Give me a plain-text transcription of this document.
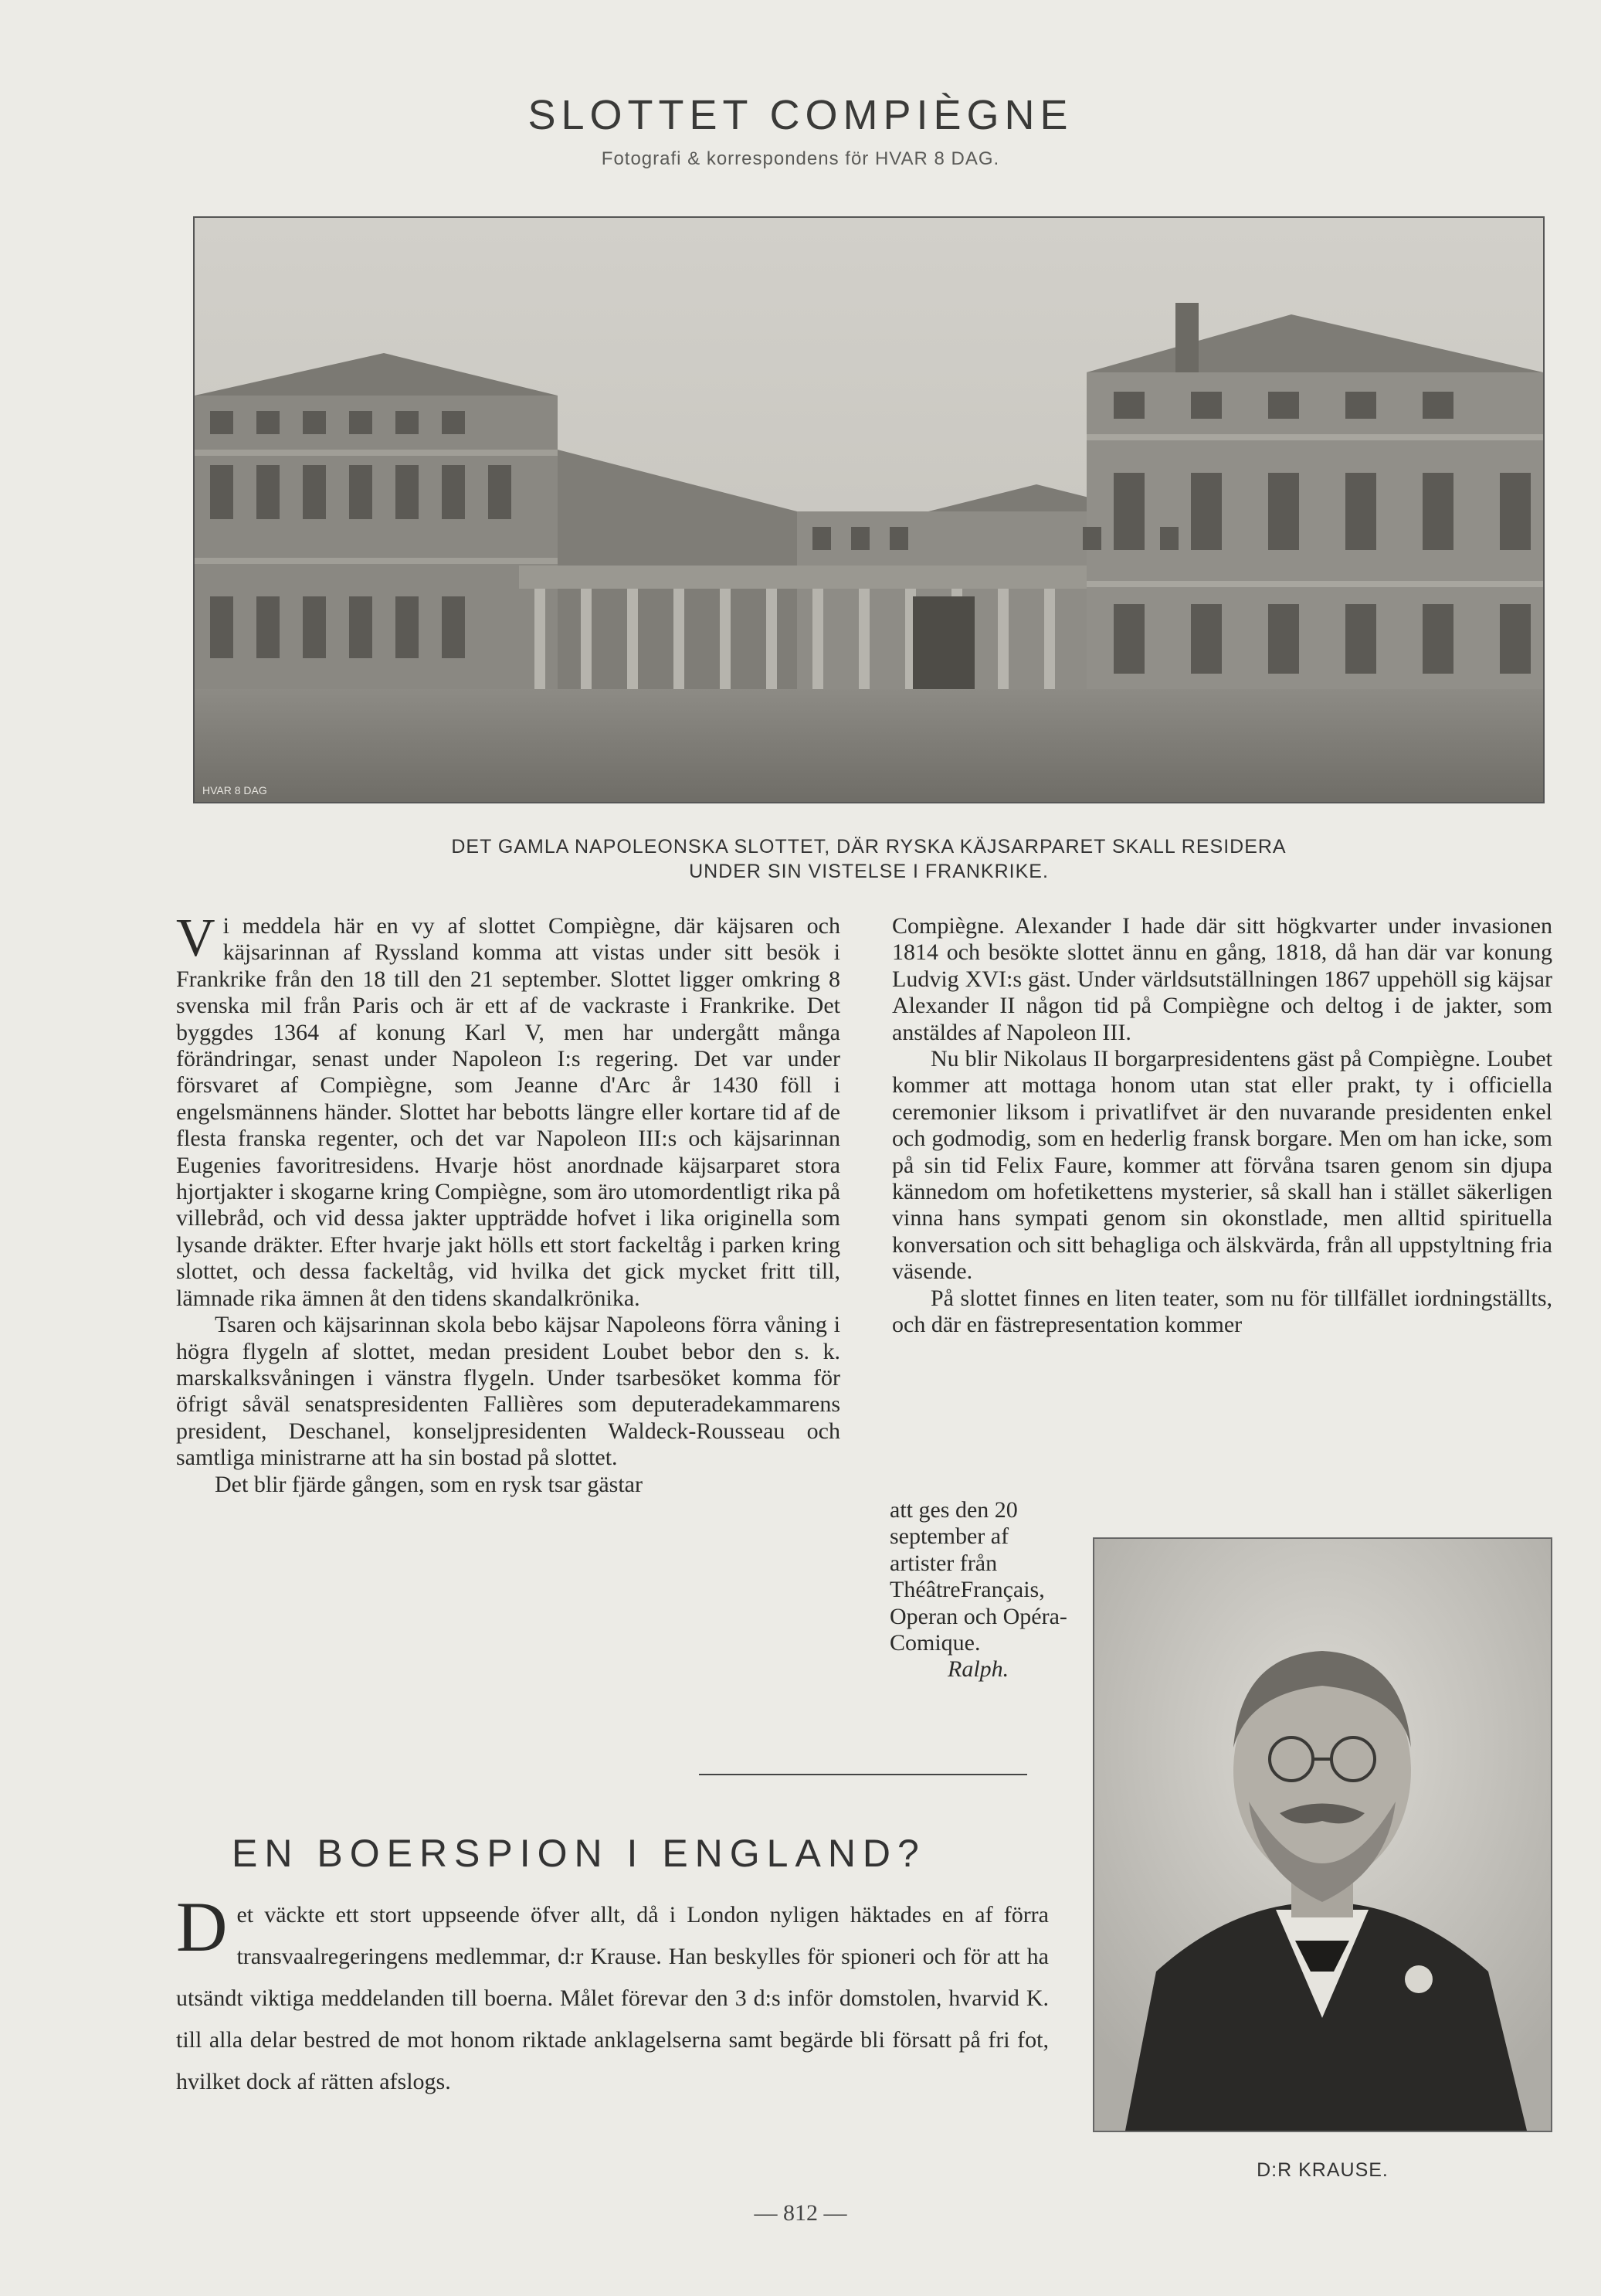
SLOTTET COMPIÈGNE
Fotografi & korrespondens för HVAR 8 DAG.
HVAR 8 DAG
DET GAMLA NAPOLEONSKA SLOTTET, DÄR RYSKA KÄJSARPARET SKALL RESIDERA
UNDER SIN VISTELSE I FRANKRIKE.

Vi meddela här en vy af slottet Compiègne, där käjsaren och käjsarinnan af Ryssland komma att vistas under sitt besök i Frankrike från den 18 till den 21 september. Slottet ligger omkring 8 svenska mil från Paris och är ett af de vackraste i Frankrike. Det byggdes 1364 af konung Karl V, men har undergått många förändringar, senast under Napoleon I:s regering. Det var under försvaret af Compiègne, som Jeanne d'Arc år 1430 föll i engelsmännens händer. Slottet har bebotts längre eller kortare tid af de flesta franska regenter, och det var Napoleon III:s och käjsarinnan Eugenies favoritresidens. Hvarje höst anordnade käjsarparet stora hjortjakter i skogarne kring Compiègne, som äro utomordentligt rika på villebråd, och vid dessa jakter uppträdde hofvet i lika originella som lysande dräkter. Efter hvarje jakt hölls ett stort fackeltåg i parken kring slottet, och dessa fackeltåg, vid hvilka det gick mycket fritt till, lämnade rika ämnen åt den tidens skandalkrönika.

Tsaren och käjsarinnan skola bebo käjsar Napoleons förra våning i högra flygeln af slottet, medan president Loubet bebor den s. k. marskalksvåningen i vänstra flygeln. Under tsarbesöket komma för öfrigt såväl senatspresidenten Fallières som deputeradekammarens president, Deschanel, konseljpresidenten Waldeck-Rousseau och samtliga ministrarne att ha sin bostad på slottet.

Det blir fjärde gången, som en rysk tsar gästar

Compiègne. Alexander I hade där sitt högkvarter under invasionen 1814 och besökte slottet ännu en gång, 1818, då han där var konung Ludvig XVI:s gäst. Under världsutställningen 1867 uppehöll sig käjsar Alexander II någon tid på Compiègne och deltog i de jakter, som anstäldes af Napoleon III.

Nu blir Nikolaus II borgarpresidentens gäst på Compiègne. Loubet kommer att mottaga honom utan stat eller prakt, ty i officiella ceremonier liksom i privatlifvet är den nuvarande presidenten enkel och godmodig, som en hederlig fransk borgare. Men om han icke, som på sin tid Felix Faure, kommer att förvåna tsaren genom sin djupa kännedom om hofetikettens mysterier, så skall han i stället säkerligen vinna hans sympati genom sin okonstlade, men alltid spirituella konversation och sitt behagliga och älskvärda, från all uppstyltning fria väsende.

På slottet finnes en liten teater, som nu för tillfället iordningställts, och där en fästrepresentation kommer

att ges den 20 september af artister från ThéâtreFrançais, Operan och Opéra-Comique.
Ralph.
EN BOERSPION I ENGLAND?
Det väckte ett stort uppseende öfver allt, då i London nyligen häktades en af förra transvaalregeringens medlemmar, d:r Krause. Han beskylles för spioneri och för att ha utsändt viktiga meddelanden till boerna. Målet förevar den 3 d:s inför domstolen, hvarvid K. till alla delar bestred de mot honom riktade anklagelserna samt begärde bli försatt på fri fot, hvilket dock af rätten afslogs.
D:R KRAUSE.
— 812 —
